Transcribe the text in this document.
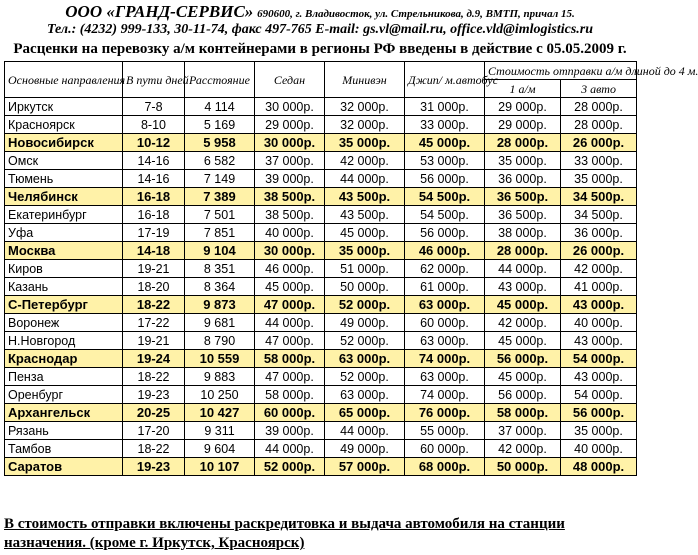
ООО «ГРАНД-СЕРВИС» 690600, г. Владивосток, ул. Стрельникова, д.9, ВМТП, причал 15.
Тел.: (4232) 999-133, 30-11-74, факс 497-765 E-mail: gs.vl@mail.ru, office.vld@imlogistics.ru
Расценки на перевозку а/м контейнерами в регионы РФ введены в действие с 05.05.2009 г.
Основные направления	В пути дней	Расстояние	Седан	Минивэн	Джип/ м.автобус	Стоимость отправки а/м длиной до 4 м.	
						1 а/м	3 авто
Иркутск	7-8	4 114	30 000р.	32 000р.	31 000р.	29 000р.	28 000р.
Красноярск	8-10	5 169	29 000р.	32 000р.	33 000р.	29 000р.	28 000р.
Новосибирск	10-12	5 958	30 000р.	35 000р.	45 000р.	28 000р.	26 000р.
Омск	14-16	6 582	37 000р.	42 000р.	53 000р.	35 000р.	33 000р.
Тюмень	14-16	7 149	39 000р.	44 000р.	56 000р.	36 000р.	35 000р.
Челябинск	16-18	7 389	38 500р.	43 500р.	54 500р.	36 500р.	34 500р.
Екатеринбург	16-18	7 501	38 500р.	43 500р.	54 500р.	36 500р.	34 500р.
Уфа	17-19	7 851	40 000р.	45 000р.	56 000р.	38 000р.	36 000р.
Москва	14-18	9 104	30 000р.	35 000р.	46 000р.	28 000р.	26 000р.
Киров	19-21	8 351	46 000р.	51 000р.	62 000р.	44 000р.	42 000р.
Казань	18-20	8 364	45 000р.	50 000р.	61 000р.	43 000р.	41 000р.
С-Петербург	18-22	9 873	47 000р.	52 000р.	63 000р.	45 000р.	43 000р.
Воронеж	17-22	9 681	44 000р.	49 000р.	60 000р.	42 000р.	40 000р.
Н.Новгород	19-21	8 790	47 000р.	52 000р.	63 000р.	45 000р.	43 000р.
Краснодар	19-24	10 559	58 000р.	63 000р.	74 000р.	56 000р.	54 000р.
Пенза	18-22	9 883	47 000р.	52 000р.	63 000р.	45 000р.	43 000р.
Оренбург	19-23	10 250	58 000р.	63 000р.	74 000р.	56 000р.	54 000р.
Архангельск	20-25	10 427	60 000р.	65 000р.	76 000р.	58 000р.	56 000р.
Рязань	17-20	9 311	39 000р.	44 000р.	55 000р.	37 000р.	35 000р.
Тамбов	18-22	9 604	44 000р.	49 000р.	60 000р.	42 000р.	40 000р.
Саратов	19-23	10 107	52 000р.	57 000р.	68 000р.	50 000р.	48 000р.
В стоимость отправки включены раскредитовка и выдача автомобиля на станции
назначения. (кроме г. Иркутск, Красноярск)
